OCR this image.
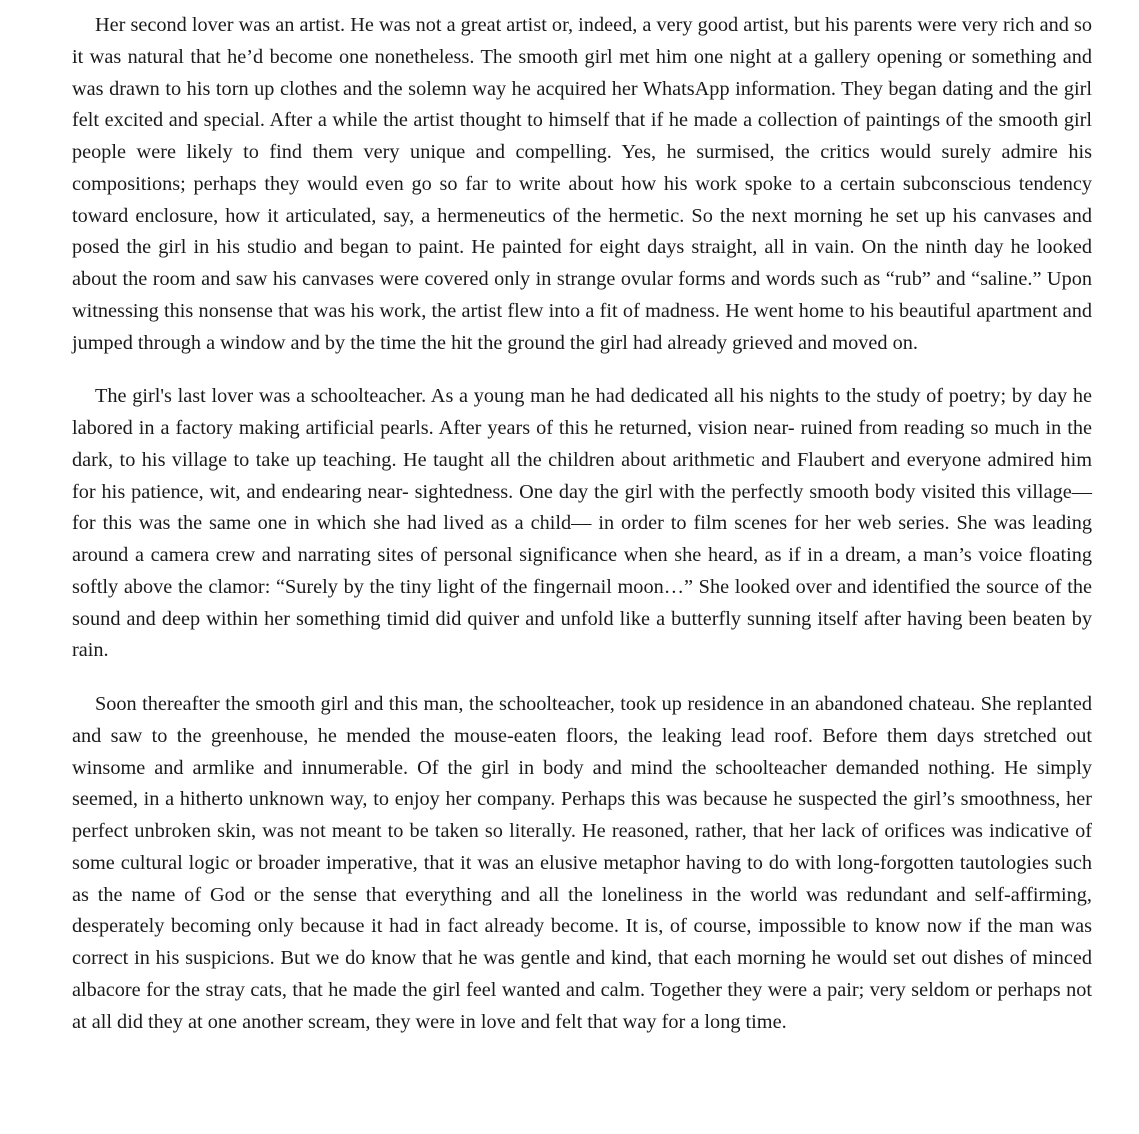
Her second lover was an artist. He was not a great artist or, indeed, a very good artist, but his parents were very rich and so it was natural that he’d become one nonetheless. The smooth girl met him one night at a gallery opening or something and was drawn to his torn up clothes and the solemn way he acquired her WhatsApp information. They began dating and the girl felt excited and special. After a while the artist thought to himself that if he made a collection of paintings of the smooth girl people were likely to find them very unique and compelling. Yes, he surmised, the critics would surely admire his compositions; perhaps they would even go so far to write about how his work spoke to a certain subconscious tendency toward enclosure, how it articulated, say, a hermeneutics of the hermetic. So the next morning he set up his canvases and posed the girl in his studio and began to paint. He painted for eight days straight, all in vain. On the ninth day he looked about the room and saw his canvases were covered only in strange ovular forms and words such as “rub” and “saline.” Upon witnessing this nonsense that was his work, the artist flew into a fit of madness. He went home to his beautiful apartment and jumped through a window and by the time the hit the ground the girl had already grieved and moved on.

The girl's last lover was a schoolteacher. As a young man he had dedicated all his nights to the study of poetry; by day he labored in a factory making artificial pearls. After years of this he returned, vision near- ruined from reading so much in the dark, to his village to take up teaching. He taught all the children about arithmetic and Flaubert and everyone admired him for his patience, wit, and endearing near- sightedness. One day the girl with the perfectly smooth body visited this village—for this was the same one in which she had lived as a child— in order to film scenes for her web series. She was leading around a camera crew and narrating sites of personal significance when she heard, as if in a dream, a man’s voice floating softly above the clamor: “Surely by the tiny light of the fingernail moon…” She looked over and identified the source of the sound and deep within her something timid did quiver and unfold like a butterfly sunning itself after having been beaten by rain.

Soon thereafter the smooth girl and this man, the schoolteacher, took up residence in an abandoned chateau. She replanted and saw to the greenhouse, he mended the mouse-eaten floors, the leaking lead roof. Before them days stretched out winsome and armlike and innumerable. Of the girl in body and mind the schoolteacher demanded nothing. He simply seemed, in a hitherto unknown way, to enjoy her company. Perhaps this was because he suspected the girl’s smoothness, her perfect unbroken skin, was not meant to be taken so literally. He reasoned, rather, that her lack of orifices was indicative of some cultural logic or broader imperative, that it was an elusive metaphor having to do with long-forgotten tautologies such as the name of God or the sense that everything and all the loneliness in the world was redundant and self-affirming, desperately becoming only because it had in fact already become. It is, of course, impossible to know now if the man was correct in his suspicions. But we do know that he was gentle and kind, that each morning he would set out dishes of minced albacore for the stray cats, that he made the girl feel wanted and calm. Together they were a pair; very seldom or perhaps not at all did they at one another scream, they were in love and felt that way for a long time.
